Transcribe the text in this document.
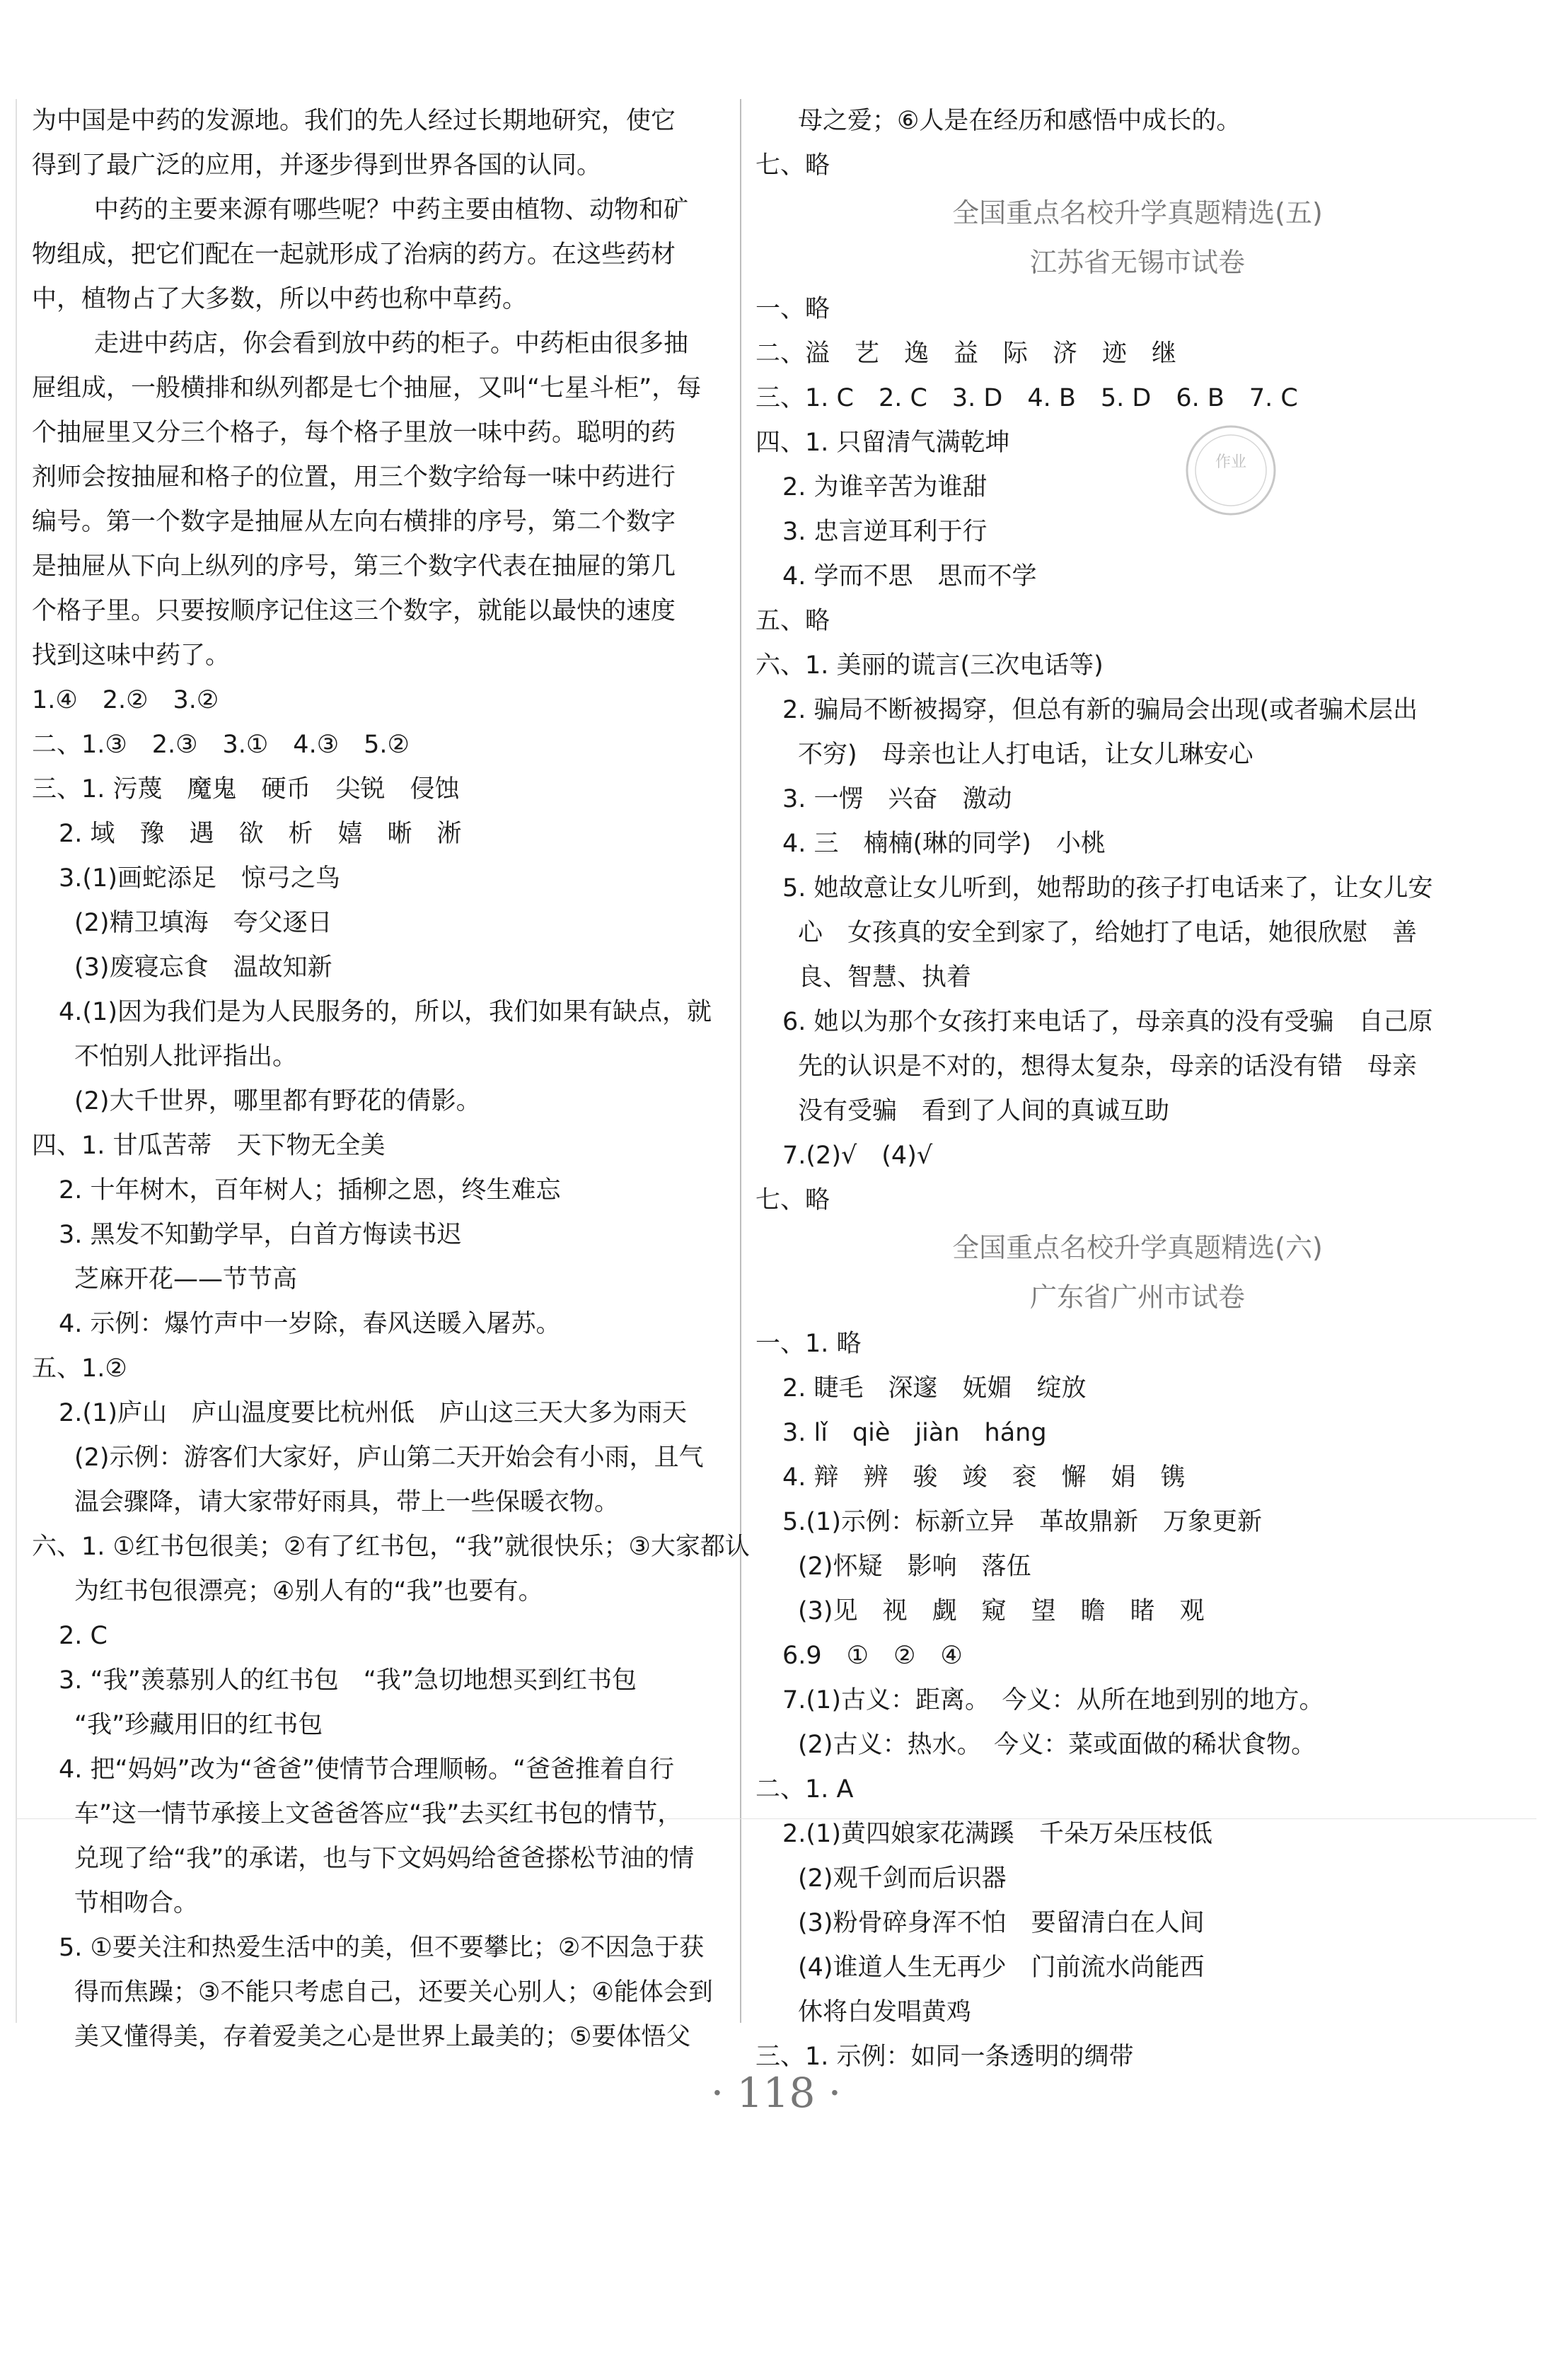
为中国是中药的发源地。我们的先人经过长期地研究，使它
得到了最广泛的应用，并逐步得到世界各国的认同。
中药的主要来源有哪些呢？中药主要由植物、动物和矿
物组成，把它们配在一起就形成了治病的药方。在这些药材
中，植物占了大多数，所以中药也称中草药。
走进中药店，你会看到放中药的柜子。中药柜由很多抽
屉组成，一般横排和纵列都是七个抽屉，又叫“七星斗柜”，每
个抽屉里又分三个格子，每个格子里放一味中药。聪明的药
剂师会按抽屉和格子的位置，用三个数字给每一味中药进行
编号。第一个数字是抽屉从左向右横排的序号，第二个数字
是抽屉从下向上纵列的序号，第三个数字代表在抽屉的第几
个格子里。只要按顺序记住这三个数字，就能以最快的速度
找到这味中药了。
1.④　2.②　3.②
二、1.③　2.③　3.①　4.③　5.②
三、1. 污蔑　魔鬼　硬币　尖锐　侵蚀
2. 域　豫　遇　欲　析　嬉　晰　淅
3.(1)画蛇添足　惊弓之鸟
(2)精卫填海　夸父逐日
(3)废寝忘食　温故知新
4.(1)因为我们是为人民服务的，所以，我们如果有缺点，就
不怕别人批评指出。
(2)大千世界，哪里都有野花的倩影。
四、1. 甘瓜苦蒂　天下物无全美
2. 十年树木，百年树人；插柳之恩，终生难忘
3. 黑发不知勤学早，白首方悔读书迟
芝麻开花——节节高
4. 示例：爆竹声中一岁除，春风送暖入屠苏。
五、1.②
2.(1)庐山　庐山温度要比杭州低　庐山这三天大多为雨天
(2)示例：游客们大家好，庐山第二天开始会有小雨，且气
温会骤降，请大家带好雨具，带上一些保暖衣物。
六、1. ①红书包很美；②有了红书包，“我”就很快乐；③大家都认
为红书包很漂亮；④别人有的“我”也要有。
2. C
3. “我”羡慕别人的红书包　“我”急切地想买到红书包
“我”珍藏用旧的红书包
4. 把“妈妈”改为“爸爸”使情节合理顺畅。“爸爸推着自行
车”这一情节承接上文爸爸答应“我”去买红书包的情节，
兑现了给“我”的承诺，也与下文妈妈给爸爸搽松节油的情
节相吻合。
5. ①要关注和热爱生活中的美，但不要攀比；②不因急于获
得而焦躁；③不能只考虑自己，还要关心别人；④能体会到
美又懂得美，存着爱美之心是世界上最美的；⑤要体悟父
母之爱；⑥人是在经历和感悟中成长的。
七、略
全国重点名校升学真题精选(五)
江苏省无锡市试卷
一、略
二、溢　艺　逸　益　际　济　迹　继
三、1. C　2. C　3. D　4. B　5. D　6. B　7. C
四、1. 只留清气满乾坤
2. 为谁辛苦为谁甜
3. 忠言逆耳利于行
4. 学而不思　思而不学
五、略
六、1. 美丽的谎言(三次电话等)
2. 骗局不断被揭穿，但总有新的骗局会出现(或者骗术层出
不穷)　母亲也让人打电话，让女儿琳安心
3. 一愣　兴奋　激动
4. 三　楠楠(琳的同学)　小桃
5. 她故意让女儿听到，她帮助的孩子打电话来了，让女儿安
心　女孩真的安全到家了，给她打了电话，她很欣慰　善
良、智慧、执着
6. 她以为那个女孩打来电话了，母亲真的没有受骗　自己原
先的认识是不对的，想得太复杂，母亲的话没有错　母亲
没有受骗　看到了人间的真诚互助
7.(2)√　(4)√
七、略
全国重点名校升学真题精选(六)
广东省广州市试卷
一、1. 略
2. 睫毛　深邃　妩媚　绽放
3. lǐ　qiè　jiàn　háng
4. 辩　辨　骏　竣　衮　懈　娟　镌
5.(1)示例：标新立异　革故鼎新　万象更新
(2)怀疑　影响　落伍
(3)见　视　觑　窥　望　瞻　睹　观
6.9　①　②　④
7.(1)古义：距离。　今义：从所在地到别的地方。
(2)古义：热水。　今义：菜或面做的稀状食物。
二、1. A
2.(1)黄四娘家花满蹊　千朵万朵压枝低
(2)观千剑而后识器
(3)粉骨碎身浑不怕　要留清白在人间
(4)谁道人生无再少　门前流水尚能西
休将白发唱黄鸡
三、1. 示例：如同一条透明的绸带
作业
· 118 ·
